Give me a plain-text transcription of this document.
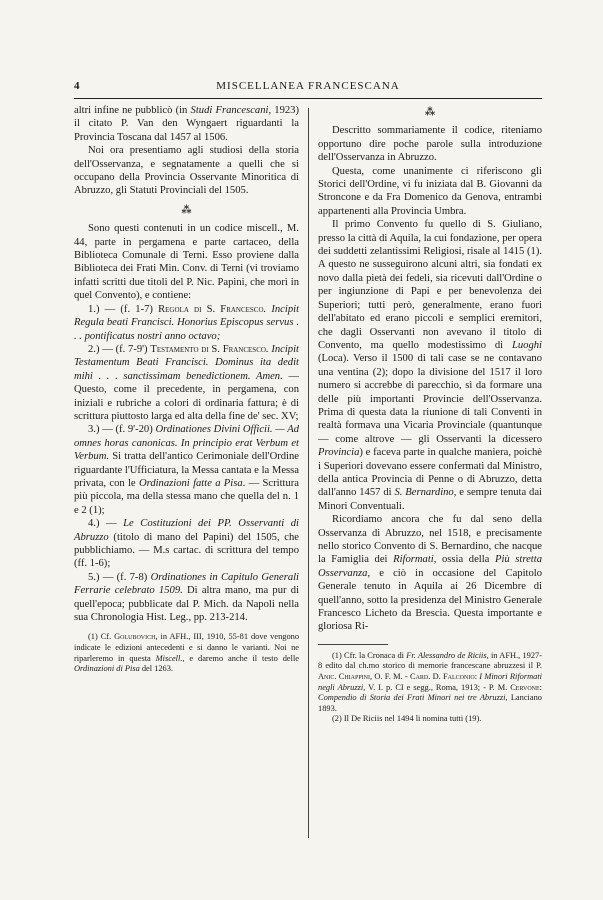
4	MISCELLANEA FRANCESCANA

altri infine ne pubblicò (in Studi Francescani, 1923) il citato P. Van den Wyngaert riguardanti la Provincia Toscana dal 1457 al 1506.

Noi ora presentiamo agli studiosi della storia dell'Osservanza, e segnatamente a quelli che si occupano della Provincia Osservante Minoritica di Abruzzo, gli Statuti Provinciali del 1505.

⁂

Sono questi contenuti in un codice miscell., M. 44, parte in pergamena e parte cartaceo, della Biblioteca Comunale di Terni. Esso proviene dalla Biblioteca dei Frati Min. Conv. di Terni (vi troviamo infatti scritti due titoli del P. Nic. Papini, che morì in quel Convento), e contiene:

1.) — (f. 1-7) Regola di S. Francesco. Incipit Regula beati Francisci. Honorius Episcopus servus . . . pontificatus nostri anno octavo;

2.) — (f. 7-9') Testamento di S. Francesco. Incipit Testamentum Beati Francisci. Dominus ita dedit mihi . . . sanctissimam benedictionem. Amen. — Questo, come il precedente, in pergamena, con iniziali e rubriche a colori di ordinaria fattura; è di scrittura piuttosto larga ed alta della fine de' sec. XV;

3.) — (f. 9'-20) Ordinationes Divini Officii. — Ad omnes horas canonicas. In principio erat Verbum et Verbum. Si tratta dell'antico Cerimoniale dell'Ordine riguardante l'Ufficiatura, la Messa cantata e la Messa privata, con le Ordinazioni fatte a Pisa. — Scrittura più piccola, ma della stessa mano che quella del n. 1 e 2 (1);

4.) — Le Costituzioni dei PP. Osservanti di Abruzzo (titolo di mano del Papini) del 1505, che pubblichiamo. — M.s cartac. di scrittura del tempo (ff. 1-6);

5.) — (f. 7-8) Ordinationes in Capitulo Generali Ferrarie celebrato 1509. Di altra mano, ma pur di quell'epoca; pubblicate dal P. Mich. da Napoli nella sua Chronologia Hist. Leg., pp. 213-214.

(1) Cf. Golubovich, in AFH., III, 1910, 55-81 dove vengono indicate le edizioni antecedenti e si danno le varianti. Noi ne riparleremo in questa Miscell., e daremo anche il testo delle Ordinazioni di Pisa del 1263.

⁂

Descritto sommariamente il codice, riteniamo opportuno dire poche parole sulla introduzione dell'Osservanza in Abruzzo.

Questa, come unanimente ci riferiscono gli Storici dell'Ordine, vi fu iniziata dal B. Giovanni da Stroncone e da Fra Domenico da Genova, entrambi appartenenti alla Provincia Umbra.

Il primo Convento fu quello di S. Giuliano, presso la città di Aquila, la cui fondazione, per opera dei suddetti zelantissimi Religiosi, risale al 1415 (1). A questo ne susseguirono alcuni altri, sia fondati ex novo dalla pietà dei fedeli, sia ricevuti dall'Ordine o per ingiunzione di Papi e per benevolenza dei Superiori; tutti però, generalmente, erano fuori dell'abitato ed erano piccoli e semplici eremitori, che dagli Osservanti non avevano il titolo di Convento, ma quello modestissimo di Luoghi (Loca). Verso il 1500 di tali case se ne contavano una ventina (2); dopo la divisione del 1517 il loro numero si accrebbe di parecchio, sì da formare una delle più importanti Provincie dell'Osservanza. Prima di questa data la riunione di tali Conventi in realtà formava una Vicaria Provinciale (quantunque — come altrove — gli Osservanti la dicessero Provincia) e faceva parte in qualche maniera, poichè i Superiori dovevano essere confermati dal Ministro, della antica Provincia di Penne o di Abruzzo, detta dall'anno 1457 di S. Bernardino, e sempre tenuta dai Minori Conventuali.

Ricordiamo ancora che fu dal seno della Osservanza di Abruzzo, nel 1518, e precisamente nello storico Convento di S. Bernardino, che nacque la Famiglia dei Riformati, ossia della Più stretta Osservanza, e ciò in occasione del Capitolo Generale tenuto in Aquila ai 26 Dicembre di quell'anno, sotto la presidenza del Ministro Generale Francesco Licheto da Brescia. Questa importante e gloriosa Ri-

(1) Cfr. la Cronaca di Fr. Alessandro de Riciis, in AFH., 1927-8 edito dal ch.mo storico di memorie francescane abruzzesi il P. Anic. Chiappini, O. F. M. - Card. D. Falconio: I Minori Riformati negli Abruzzi, V. I. p. CI e segg., Roma, 1913; - P. M. Cervone: Compendio di Storia dei Frati Minori nei tre Abruzzi, Lanciano 1893.

(2) Il De Riciis nel 1494 li nomina tutti (19).
